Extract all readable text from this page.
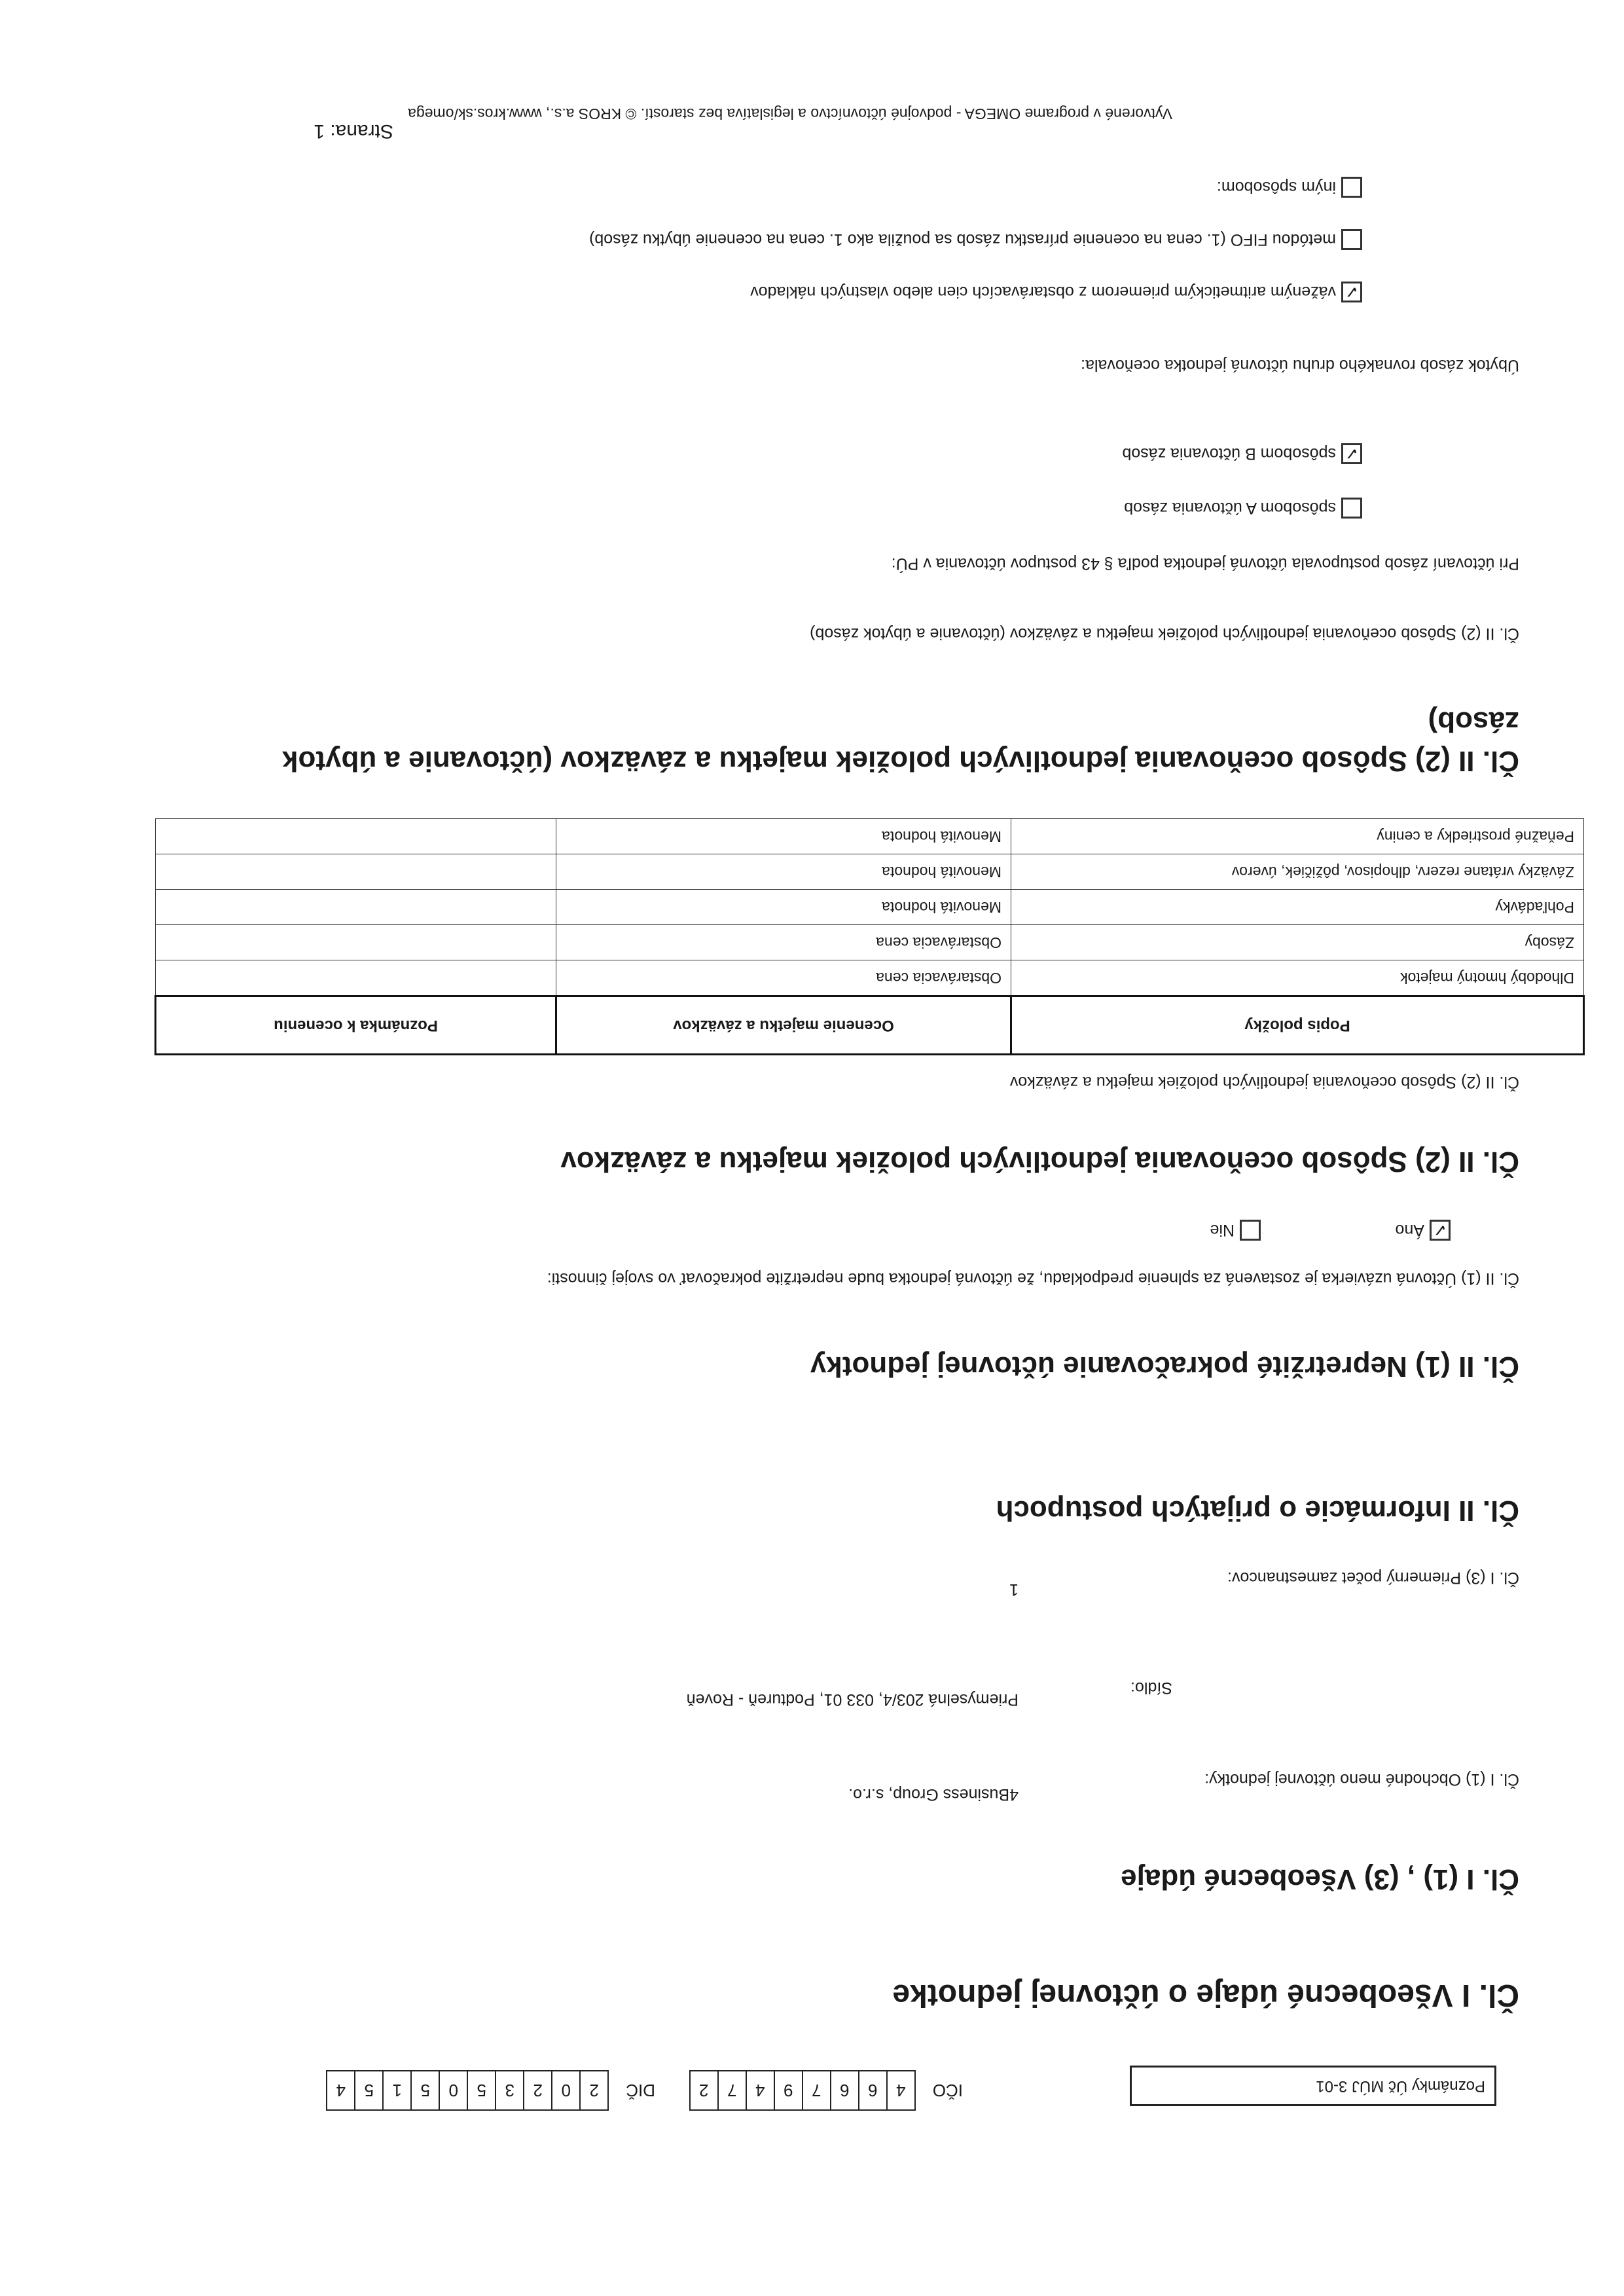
Poznámky Úč MÚJ 3-01
IČO
4
6
6
7
9
4
7
2
DIČ
2
0
2
3
5
0
5
1
5
4
Čl. I Všeobecné údaje o účtovnej jednotke
Čl. I (1) , (3) Všeobecné údaje
Čl. I (1) Obchodné meno účtovnej jednotky:
4Business Group, s.r.o.
Sídlo:
Priemyselná 203/4, 033 01, Podtureň - Roveň
Čl. I (3) Priemerný počet zamestnancov:
1
Čl. II Informácie o prijatých postupoch
Čl. II (1) Nepretržité pokračovanie účtovnej jednotky
Čl. II (1) Účtovná uzávierka je zostavená za splnenie predpokladu, že účtovná jednotka bude nepretržite pokračovať vo svojej činnosti:
✓
Áno
Nie
Čl. II (2) Spôsob oceňovania jednotlivých položiek majetku a záväzkov
Čl. II (2) Spôsob oceňovania jednotlivých položiek majetku a záväzkov
Popis položky	Ocenenie majetku a záväzkov	Poznámka k oceneniu
Dlhodobý hmotný majetok	Obstarávacia cena	
Zásoby	Obstarávacia cena	
Pohľadávky	Menovitá hodnota	
Záväzky vrátane rezerv, dlhopisov, pôžičiek, úverov	Menovitá hodnota	
Peňažné prostriedky a ceniny	Menovitá hodnota	
Čl. II (2) Spôsob oceňovania jednotlivých položiek majetku a záväzkov (účtovanie a úbytok
zásob)
Čl. II (2) Spôsob oceňovania jednotlivých položiek majetku a záväzkov (účtovanie a úbytok zásob)
Pri účtovaní zásob postupovala účtovná jednotka podľa § 43 postupov účtovania v PÚ:
spôsobom A účtovania zásob
✓
spôsobom B účtovania zásob
Úbytok zásob rovnakého druhu účtovná jednotka oceňovala:
✓
váženým aritmetickým priemerom z obstarávacích cien alebo vlastných nákladov
metódou FIFO (1. cena na ocenenie prírastku zásob sa použila ako 1. cena na ocenenie úbytku zásob)
iným spôsobom:
Vytvorené v programe OMEGA - podvojné účtovníctvo a legislatíva bez starostí. © KROS a.s., www.kros.sk/omega
Strana: 1
